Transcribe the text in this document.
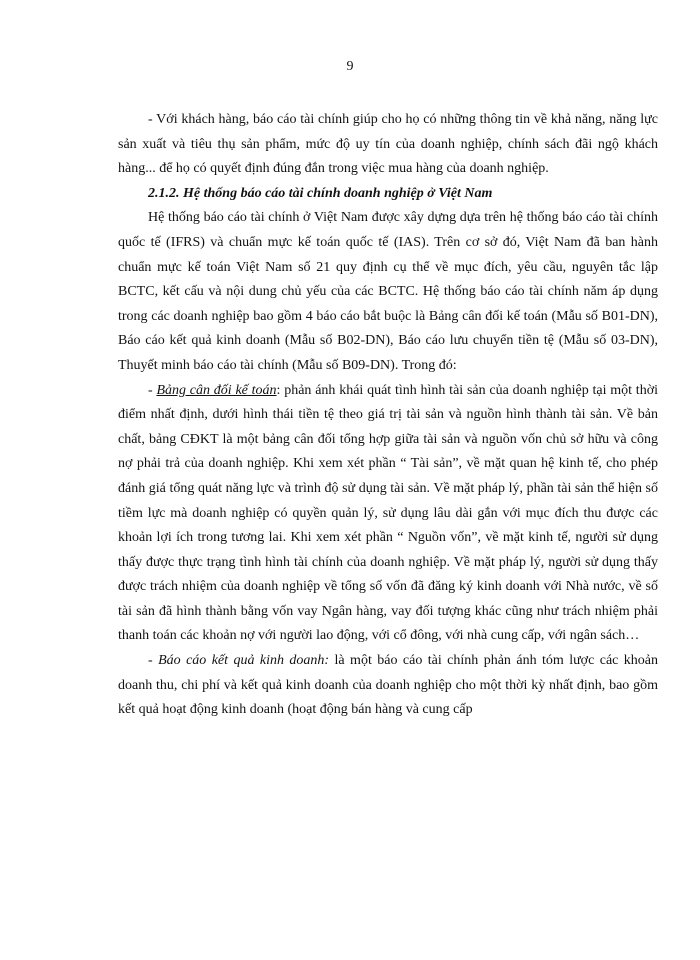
9

- Với khách hàng, báo cáo tài chính giúp cho họ có những thông tin về khả năng, năng lực sản xuất và tiêu thụ sản phẩm, mức độ uy tín của doanh nghiệp, chính sách đãi ngộ khách hàng... để họ có quyết định đúng đắn trong việc mua hàng của doanh nghiệp.

2.1.2. Hệ thống báo cáo tài chính doanh nghiệp ở Việt Nam

Hệ thống báo cáo tài chính ở Việt Nam được xây dựng dựa trên hệ thống báo cáo tài chính quốc tế (IFRS) và chuẩn mực kế toán quốc tế (IAS). Trên cơ sở đó, Việt Nam đã ban hành chuẩn mực kế toán Việt Nam số 21 quy định cụ thể về mục đích, yêu cầu, nguyên tắc lập BCTC, kết cấu và nội dung chủ yếu của các BCTC. Hệ thống báo cáo tài chính năm áp dụng trong các doanh nghiệp bao gồm 4 báo cáo bắt buộc là Bảng cân đối kế toán (Mẫu số B01-DN), Báo cáo kết quả kinh doanh (Mẫu số B02-DN), Báo cáo lưu chuyển tiền tệ (Mẫu số 03-DN), Thuyết minh báo cáo tài chính (Mẫu số B09-DN). Trong đó:

- Bảng cân đối kế toán: phản ánh khái quát tình hình tài sản của doanh nghiệp tại một thời điểm nhất định, dưới hình thái tiền tệ theo giá trị tài sản và nguồn hình thành tài sản. Về bản chất, bảng CĐKT là một bảng cân đối tổng hợp giữa tài sản và nguồn vốn chủ sở hữu và công nợ phải trả của doanh nghiệp. Khi xem xét phần “ Tài sản”, về mặt quan hệ kinh tế, cho phép đánh giá tổng quát năng lực và trình độ sử dụng tài sản. Về mặt pháp lý, phần tài sản thể hiện số tiềm lực mà doanh nghiệp có quyền quản lý, sử dụng lâu dài gắn với mục đích thu được các khoản lợi ích trong tương lai. Khi xem xét phần “ Nguồn vốn”, về mặt kinh tế, người sử dụng thấy được thực trạng tình hình tài chính của doanh nghiệp. Về mặt pháp lý, người sử dụng thấy được trách nhiệm của doanh nghiệp về tổng số vốn đã đăng ký kinh doanh với Nhà nước, về số tài sản đã hình thành bằng vốn vay Ngân hàng, vay đối tượng khác cũng như trách nhiệm phải thanh toán các khoản nợ với người lao động, với cổ đông, với nhà cung cấp, với ngân sách…

- Báo cáo kết quả kinh doanh: là một báo cáo tài chính phản ánh tóm lược các khoản doanh thu, chi phí và kết quả kinh doanh của doanh nghiệp cho một thời kỳ nhất định, bao gồm kết quả hoạt động kinh doanh (hoạt động bán hàng và cung cấp
